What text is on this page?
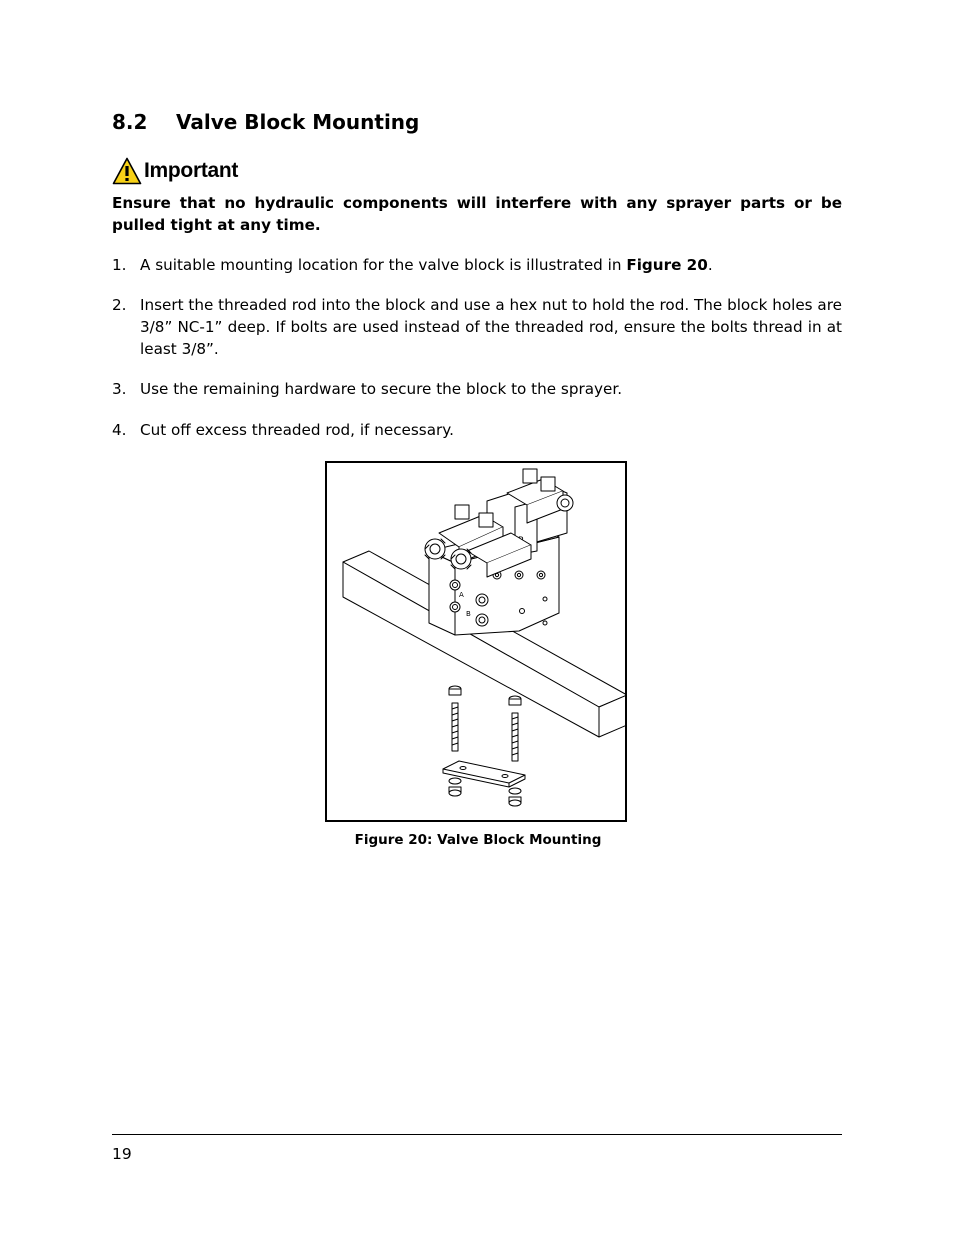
8.2 Valve Block Mounting
Important
Ensure that no hydraulic components will interfere with any sprayer parts or be pulled tight at any time.
1. A suitable mounting location for the valve block is illustrated in Figure 20.
2. Insert the threaded rod into the block and use a hex nut to hold the rod. The block holes are 3/8” NC-1” deep. If bolts are used instead of the threaded rod, ensure the bolts thread in at least 3/8”.
3. Use the remaining hardware to secure the block to the sprayer.
4. Cut off excess threaded rod, if necessary.
A
B
Figure 20: Valve Block Mounting
19
